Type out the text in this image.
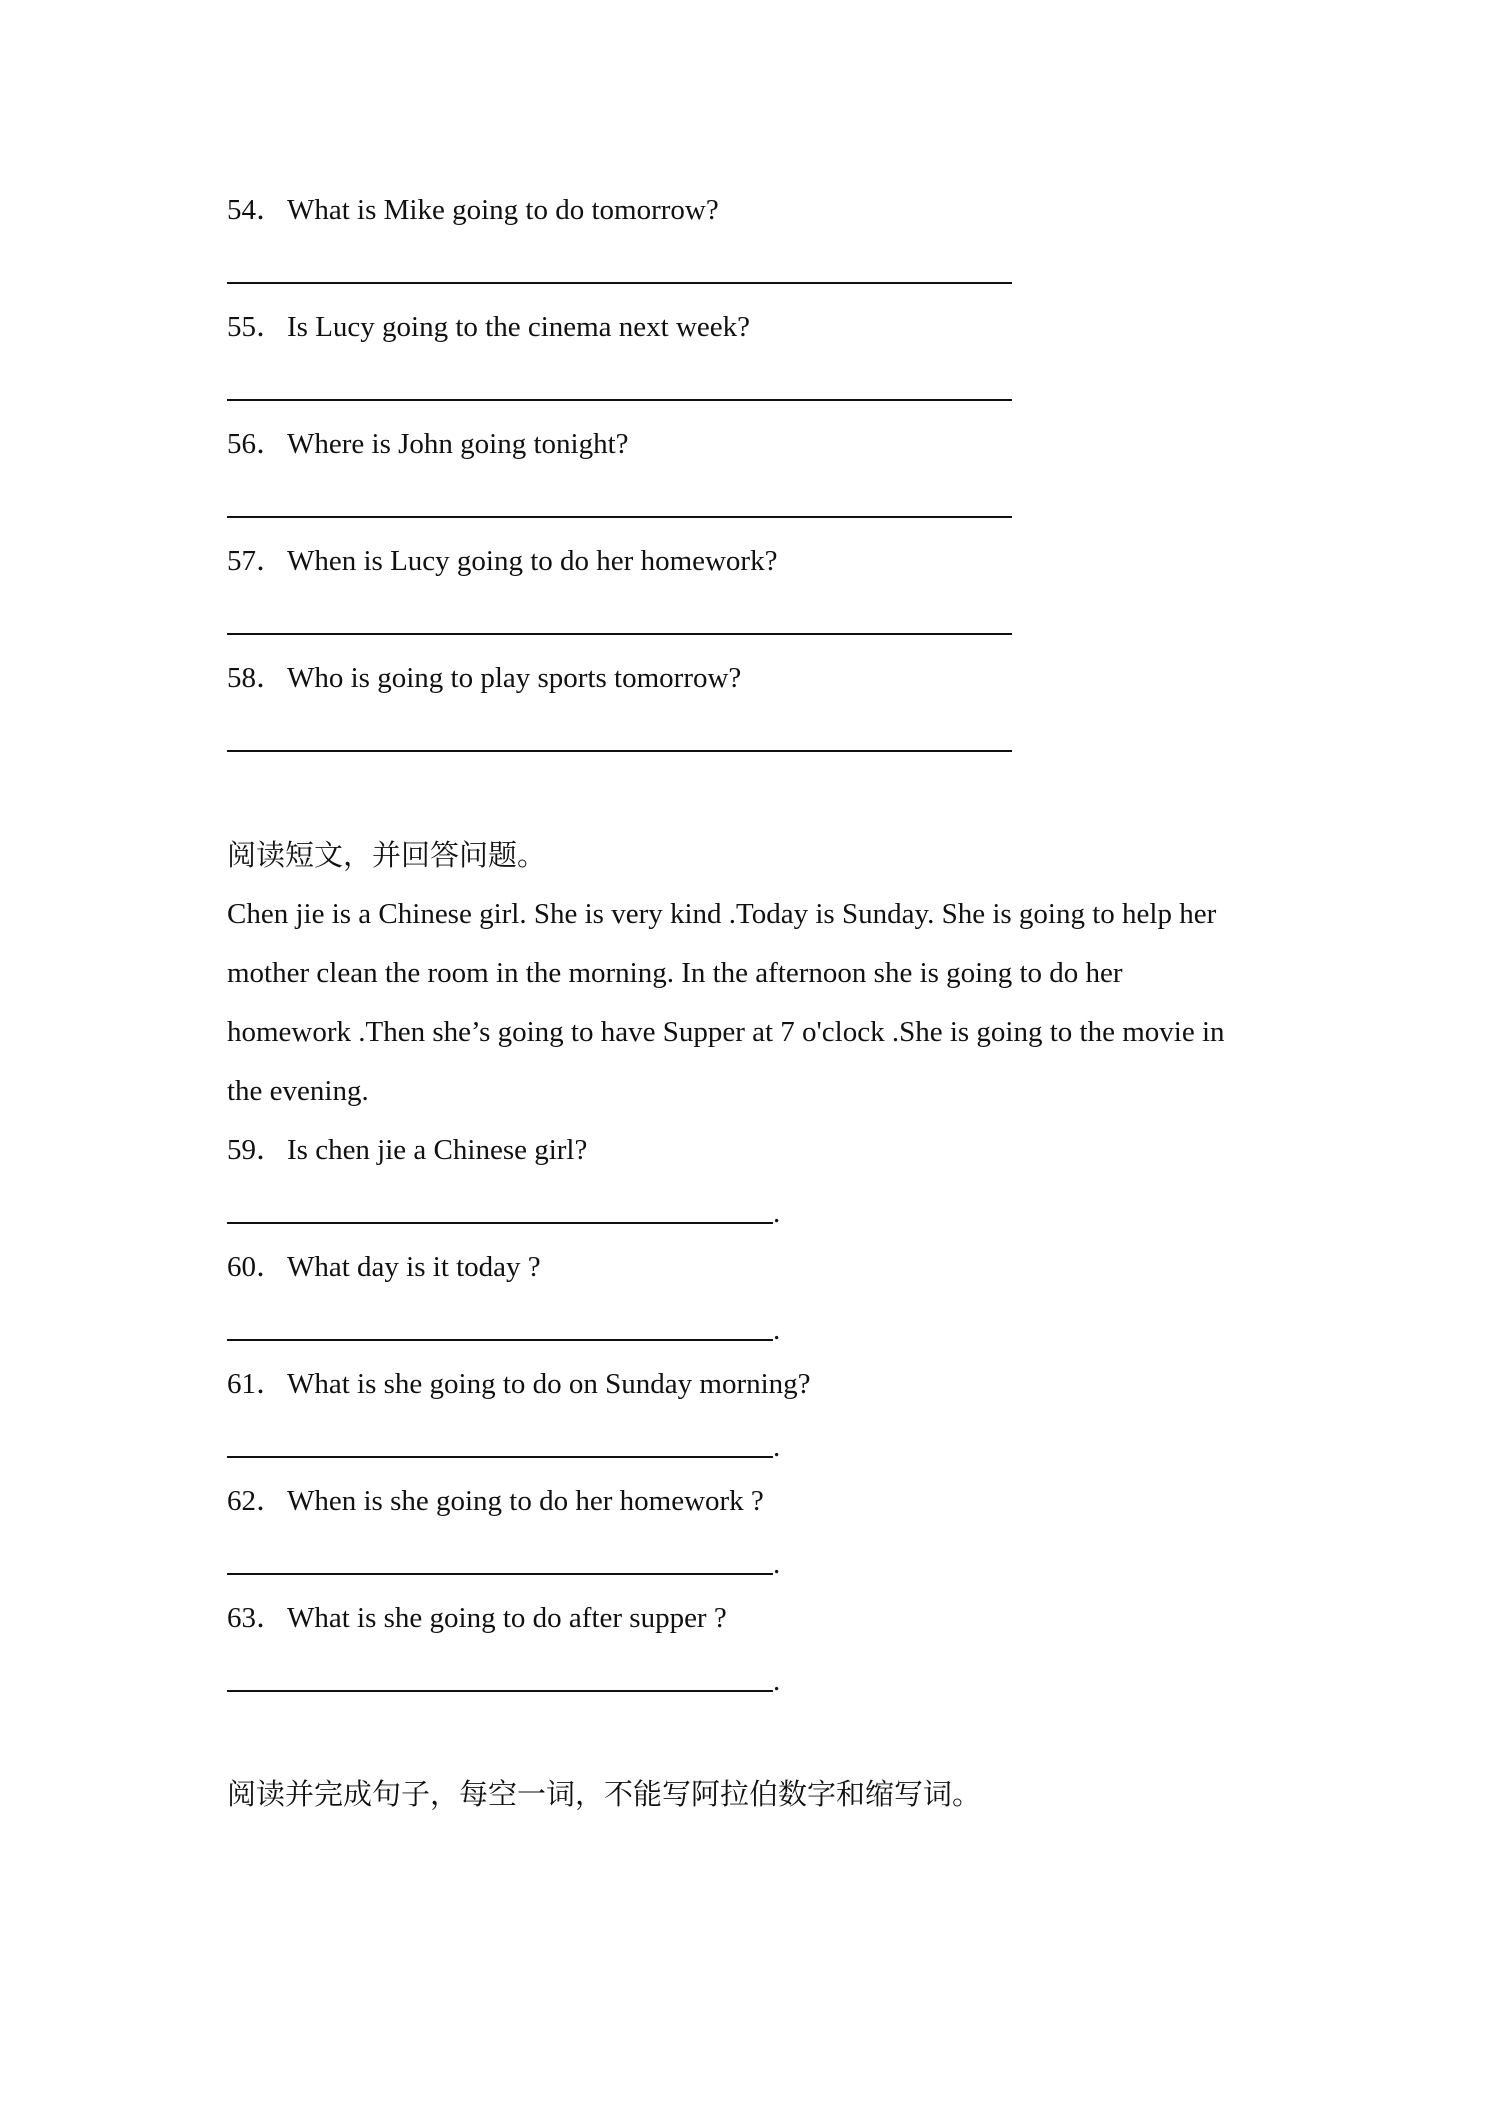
54．What is Mike going to do tomorrow?
55．Is Lucy going to the cinema next week?
56．Where is John going tonight?
57．When is Lucy going to do her homework?
58．Who is going to play sports tomorrow?
阅读短文，并回答问题。
Chen jie is a Chinese girl. She is very kind .Today is Sunday. She is going to help her
mother clean the room in the morning. In the afternoon she is going to do her
homework .Then she’s going to have Supper at 7 o'clock .She is going to the movie in
the evening.
59．Is chen jie a Chinese girl?
.
60．What day is it today ?
.
61．What is she going to do on Sunday morning?
.
62．When is she going to do her homework ?
.
63．What is she going to do after supper ?
.
阅读并完成句子，每空一词，不能写阿拉伯数字和缩写词。
